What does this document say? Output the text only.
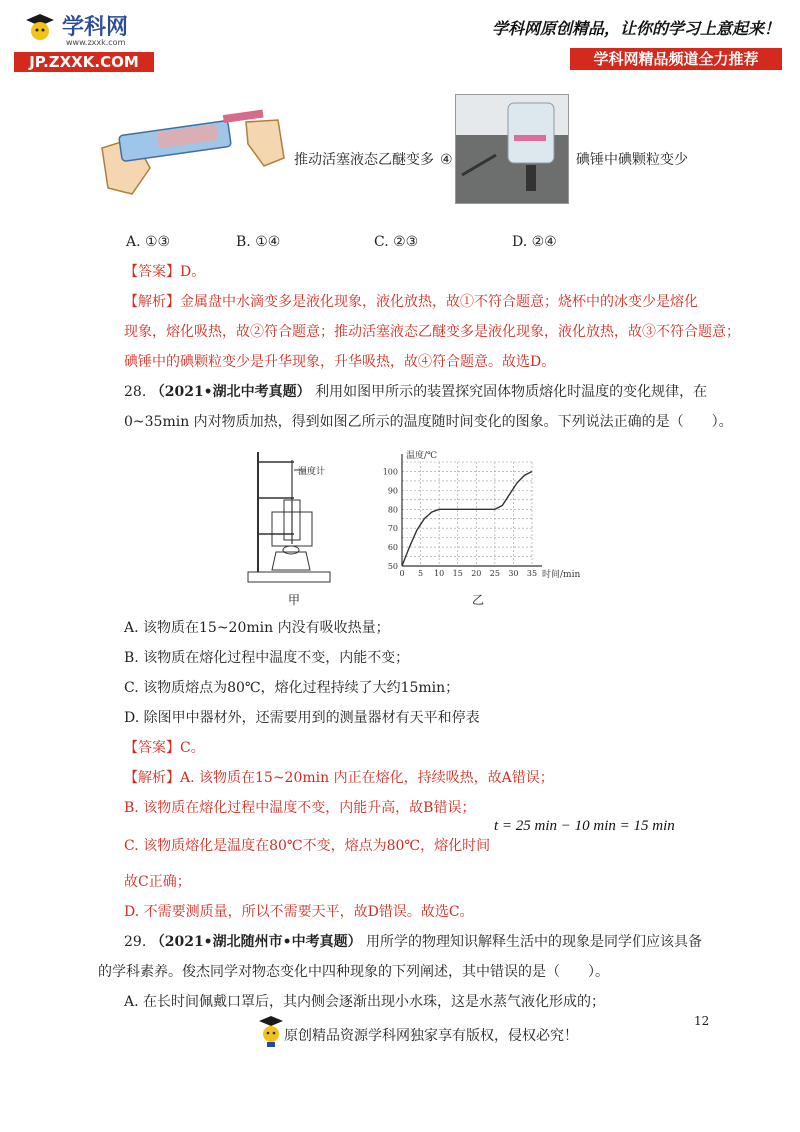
学科网
www.zxxk.com
JP.ZXXK.COM
学科网原创精品，让你的学习上意起来！
学科网精品频道全力推荐
推动活塞液态乙醚变多 ④	碘锤中碘颗粒变少
A. ①③	B. ①④	C. ②③	D. ②④
【答案】D。
【解析】金属盘中水滴变多是液化现象，液化放热，故①不符合题意；烧杯中的冰变少是熔化
现象，熔化吸热，故②符合题意；推动活塞液态乙醚变多是液化现象，液化放热，故③不符合题意；
碘锤中的碘颗粒变少是升华现象，升华吸热，故④符合题意。故选D。
28. （2021•湖北中考真题） 利用如图甲所示的装置探究固体物质熔化时温度的变化规律，在
0~35min 内对物质加热，得到如图乙所示的温度随时间变化的图象。下列说法正确的是（　　）。
温度计
甲
0 5 10 15 20 25 30 35
50
60
70
80
90
100
温度/℃
时间/min
乙
A. 该物质在15~20min 内没有吸收热量；
B. 该物质在熔化过程中温度不变，内能不变；
C. 该物质熔点为80℃，熔化过程持续了大约15min；
D. 除图甲中器材外，还需要用到的测量器材有天平和停表
【答案】C。
【解析】A. 该物质在15~20min 内正在熔化，持续吸热，故A错误；
B. 该物质在熔化过程中温度不变，内能升高，故B错误；
C. 该物质熔化是温度在80℃不变，熔点为80℃，熔化时间
t = 25 min − 10 min = 15 min
故C正确；
D. 不需要测质量，所以不需要天平，故D错误。故选C。
29. （2021•湖北随州市•中考真题） 用所学的物理知识解释生活中的现象是同学们应该具备
的学科素养。俊杰同学对物态变化中四种现象的下列阐述，其中错误的是（　　）。
A. 在长时间佩戴口罩后，其内侧会逐渐出现小水珠，这是水蒸气液化形成的；
12
原创精品资源学科网独家享有版权，侵权必究！
